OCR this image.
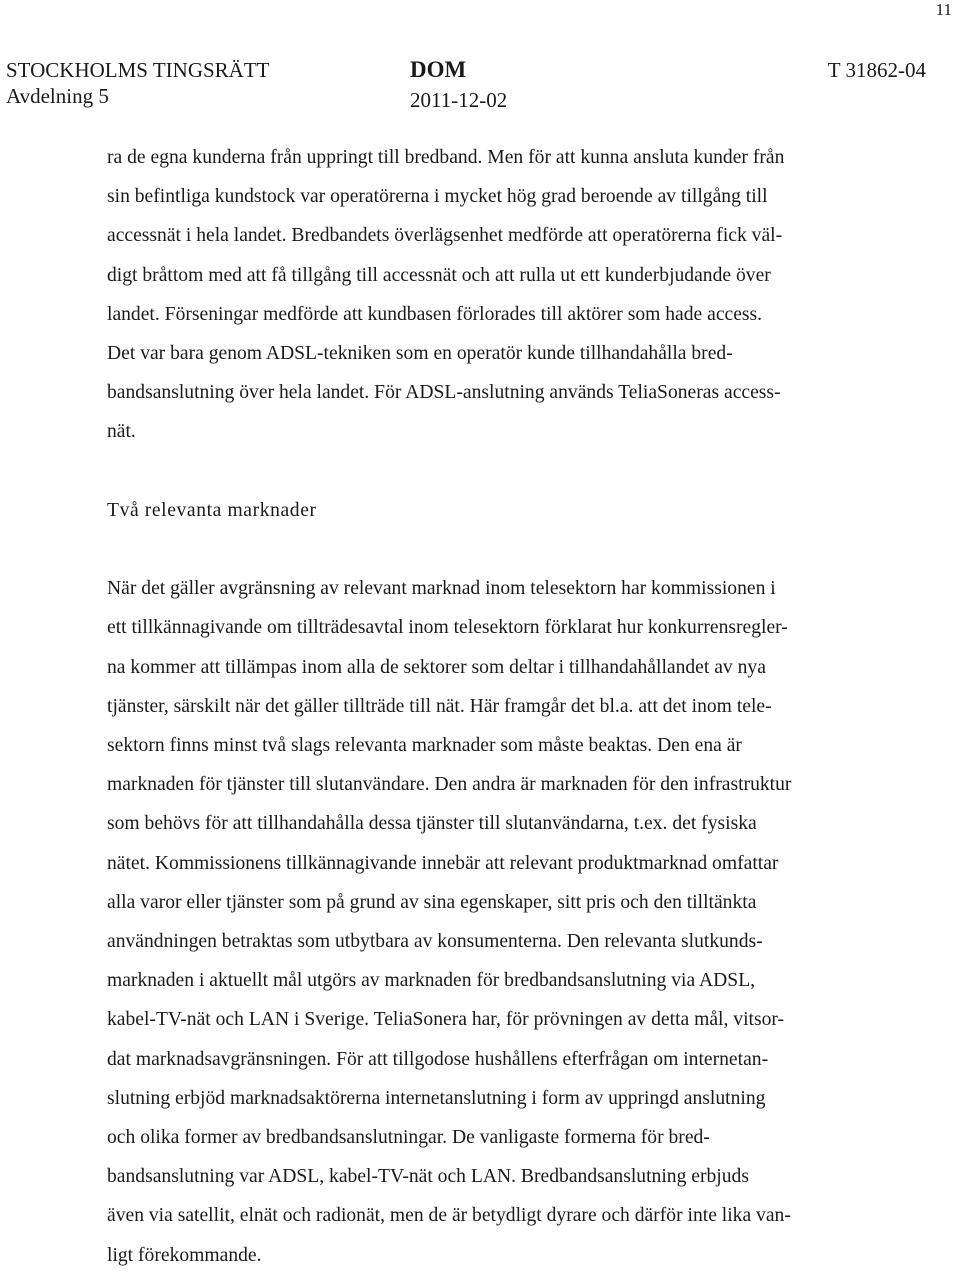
11
STOCKHOLMS TINGSRÄTT
Avdelning 5
DOM
2011-12-02
T 31862-04
ra de egna kunderna från uppringt till bredband. Men för att kunna ansluta kunder från
sin befintliga kundstock var operatörerna i mycket hög grad beroende av tillgång till
accessnät i hela landet. Bredbandets överlägsenhet medförde att operatörerna fick väl-
digt bråttom med att få tillgång till accessnät och att rulla ut ett kunderbjudande över
landet. Förseningar medförde att kundbasen förlorades till aktörer som hade access.
Det var bara genom ADSL-tekniken som en operatör kunde tillhandahålla bred-
bandsanslutning över hela landet. För ADSL-anslutning används TeliaSoneras access-
nät.
Två relevanta marknader
När det gäller avgränsning av relevant marknad inom telesektorn har kommissionen i
ett tillkännagivande om tillträdesavtal inom telesektorn förklarat hur konkurrensregler-
na kommer att tillämpas inom alla de sektorer som deltar i tillhandahållandet av nya
tjänster, särskilt när det gäller tillträde till nät. Här framgår det bl.a. att det inom tele-
sektorn finns minst två slags relevanta marknader som måste beaktas. Den ena är
marknaden för tjänster till slutanvändare. Den andra är marknaden för den infrastruktur
som behövs för att tillhandahålla dessa tjänster till slutanvändarna, t.ex. det fysiska
nätet. Kommissionens tillkännagivande innebär att relevant produktmarknad omfattar
alla varor eller tjänster som på grund av sina egenskaper, sitt pris och den tilltänkta
användningen betraktas som utbytbara av konsumenterna. Den relevanta slutkunds-
marknaden i aktuellt mål utgörs av marknaden för bredbandsanslutning via ADSL,
kabel-TV-nät och LAN i Sverige. TeliaSonera har, för prövningen av detta mål, vitsor-
dat marknadsavgränsningen. För att tillgodose hushållens efterfrågan om internetan-
slutning erbjöd marknadsaktörerna internetanslutning i form av uppringd anslutning
och olika former av bredbandsanslutningar. De vanligaste formerna för bred-
bandsanslutning var ADSL, kabel-TV-nät och LAN. Bredbandsanslutning erbjuds
även via satellit, elnät och radionät, men de är betydligt dyrare och därför inte lika van-
ligt förekommande.
